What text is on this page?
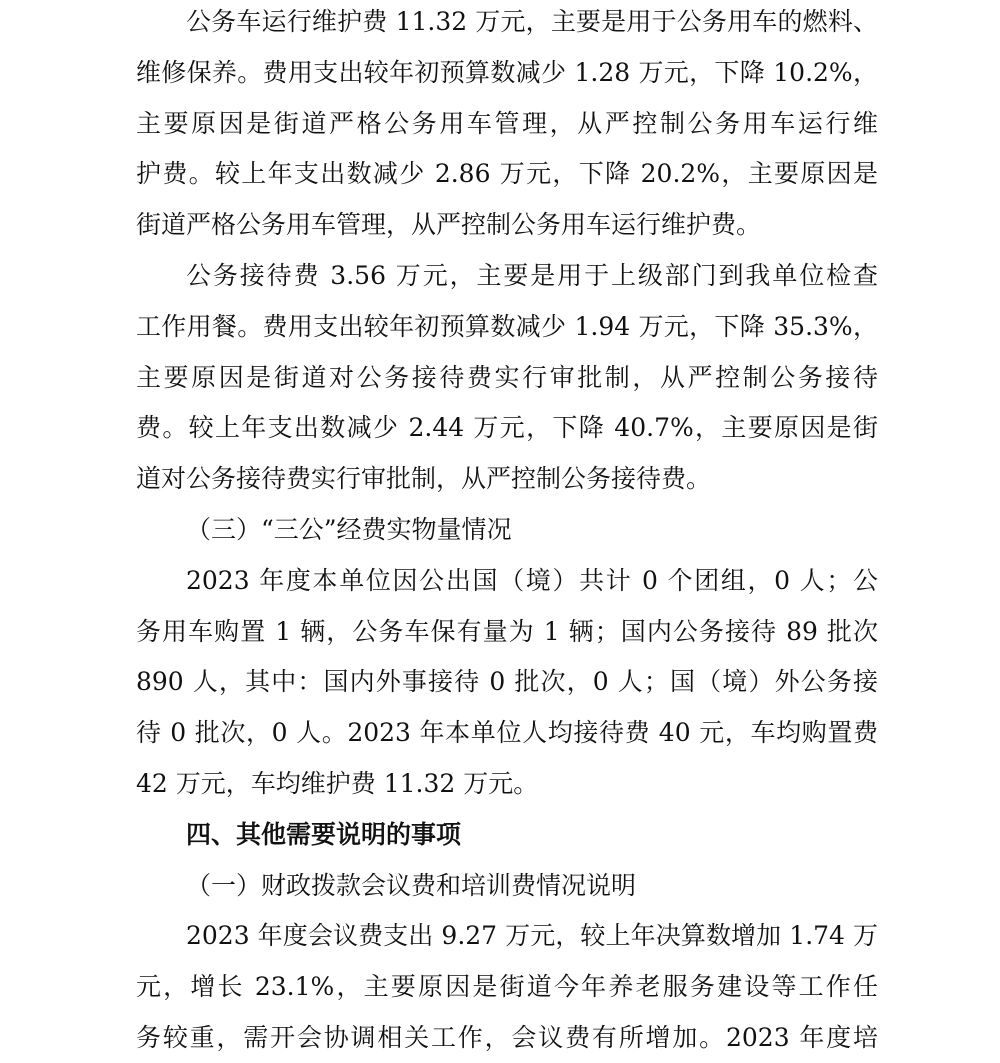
公务车运行维护费 11.32 万元，主要是用于公务用车的燃料、
维修保养。费用支出较年初预算数减少 1.28 万元，下降 10.2%，
主要原因是街道严格公务用车管理，从严控制公务用车运行维
护费。较上年支出数减少 2.86 万元，下降 20.2%，主要原因是
街道严格公务用车管理，从严控制公务用车运行维护费。
公务接待费 3.56 万元，主要是用于上级部门到我单位检查
工作用餐。费用支出较年初预算数减少 1.94 万元，下降 35.3%，
主要原因是街道对公务接待费实行审批制，从严控制公务接待
费。较上年支出数减少 2.44 万元，下降 40.7%，主要原因是街
道对公务接待费实行审批制，从严控制公务接待费。
（三）“三公”经费实物量情况
2023 年度本单位因公出国（境）共计 0 个团组，0 人；公
务用车购置 1 辆，公务车保有量为 1 辆；国内公务接待 89 批次
890 人，其中：国内外事接待 0 批次，0 人；国（境）外公务接
待 0 批次，0 人。2023 年本单位人均接待费 40 元，车均购置费
42 万元，车均维护费 11.32 万元。
四、其他需要说明的事项
（一）财政拨款会议费和培训费情况说明
2023 年度会议费支出 9.27 万元，较上年决算数增加 1.74 万
元，增长 23.1%，主要原因是街道今年养老服务建设等工作任
务较重，需开会协调相关工作，会议费有所增加。2023 年度培
